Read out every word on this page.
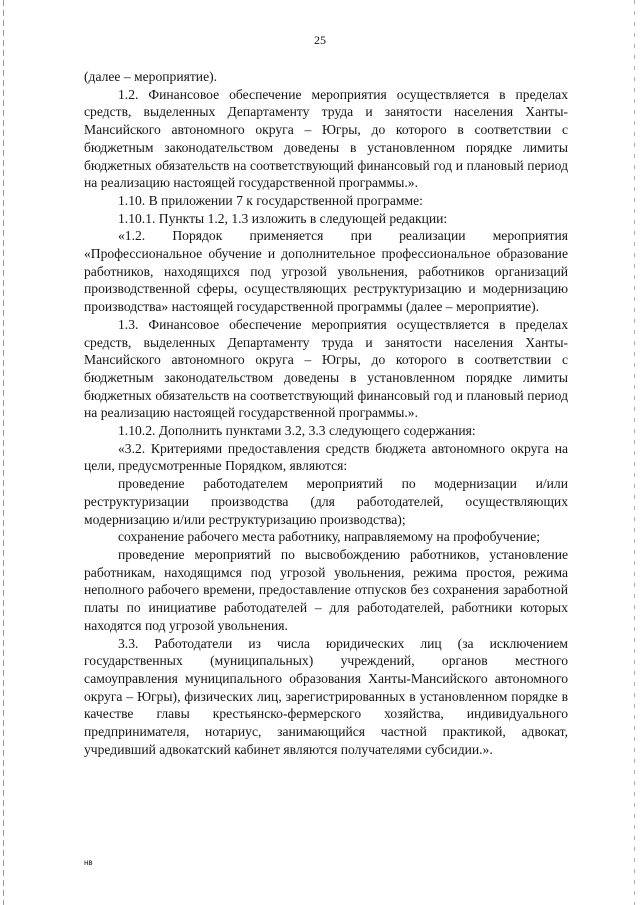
25

(далее – мероприятие).

1.2. Финансовое обеспечение мероприятия осуществляется в пределах средств, выделенных Департаменту труда и занятости населения Ханты-Мансийского автономного округа – Югры, до которого в соответствии с бюджетным законодательством доведены в установленном порядке лимиты бюджетных обязательств на соответствующий финансовый год и плановый период на реализацию настоящей государственной программы.».

1.10. В приложении 7 к государственной программе:

1.10.1. Пункты 1.2, 1.3 изложить в следующей редакции:

«1.2. Порядок применяется при реализации мероприятия «Профессиональное обучение и дополнительное профессиональное образование работников, находящихся под угрозой увольнения, работников организаций производственной сферы, осуществляющих реструктуризацию и модернизацию производства» настоящей государственной программы (далее – мероприятие).

1.3. Финансовое обеспечение мероприятия осуществляется в пределах средств, выделенных Департаменту труда и занятости населения Ханты-Мансийского автономного округа – Югры, до которого в соответствии с бюджетным законодательством доведены в установленном порядке лимиты бюджетных обязательств на соответствующий финансовый год и плановый период на реализацию настоящей государственной программы.».

1.10.2. Дополнить пунктами 3.2, 3.3 следующего содержания:

«3.2. Критериями предоставления средств бюджета автономного округа на цели, предусмотренные Порядком, являются:

проведение работодателем мероприятий по модернизации и/или реструктуризации производства (для работодателей, осуществляющих модернизацию и/или реструктуризацию производства);

сохранение рабочего места работнику, направляемому на профобучение;

проведение мероприятий по высвобождению работников, установление работникам, находящимся под угрозой увольнения, режима простоя, режима неполного рабочего времени, предоставление отпусков без сохранения заработной платы по инициативе работодателей – для работодателей, работники которых находятся под угрозой увольнения.

3.3. Работодатели из числа юридических лиц (за исключением государственных (муниципальных) учреждений, органов местного самоуправления муниципального образования Ханты-Мансийского автономного округа – Югры), физических лиц, зарегистрированных в установленном порядке в качестве главы крестьянско-фермерского хозяйства, индивидуального предпринимателя, нотариус, занимающийся частной практикой, адвокат, учредивший адвокатский кабинет являются получателями субсидии.».

нв
